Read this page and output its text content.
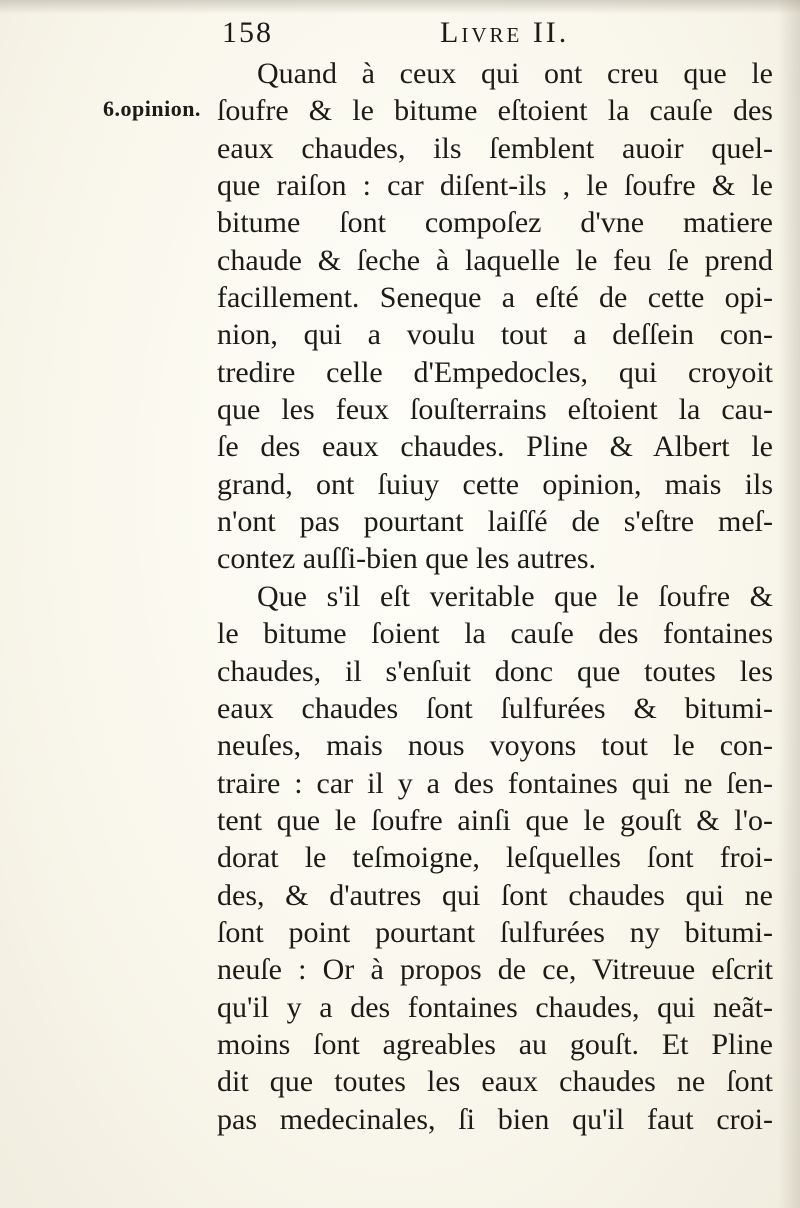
158	Livre II.
6.opinion.
Quand à ceux qui ont creu que le
ſoufre & le bitume eſtoient la cauſe des
eaux chaudes, ils ſemblent auoir quel-
que raiſon : car diſent-ils , le ſoufre & le
bitume ſont compoſez d'vne matiere
chaude & ſeche à laquelle le feu ſe prend
facillement. Seneque a eſté de cette opi-
nion, qui a voulu tout a deſſein con-
tredire celle d'Empedocles, qui croyoit
que les feux ſouſterrains eſtoient la cau-
ſe des eaux chaudes. Pline & Albert le
grand, ont ſuiuy cette opinion, mais ils
n'ont pas pourtant laiſſé de s'eſtre meſ-
contez auſſi-bien que les autres.
Que s'il eſt veritable que le ſoufre &
le bitume ſoient la cauſe des fontaines
chaudes, il s'enſuit donc que toutes les
eaux chaudes ſont ſulfurées & bitumi-
neuſes, mais nous voyons tout le con-
traire : car il y a des fontaines qui ne ſen-
tent que le ſoufre ainſi que le gouſt & l'o-
dorat le teſmoigne, leſquelles ſont froi-
des, & d'autres qui ſont chaudes qui ne
ſont point pourtant ſulfurées ny bitumi-
neuſe : Or à propos de ce, Vitreuue eſcrit
qu'il y a des fontaines chaudes, qui neãt-
moins ſont agreables au gouſt. Et Pline
dit que toutes les eaux chaudes ne ſont
pas medecinales, ſi bien qu'il faut croi-
